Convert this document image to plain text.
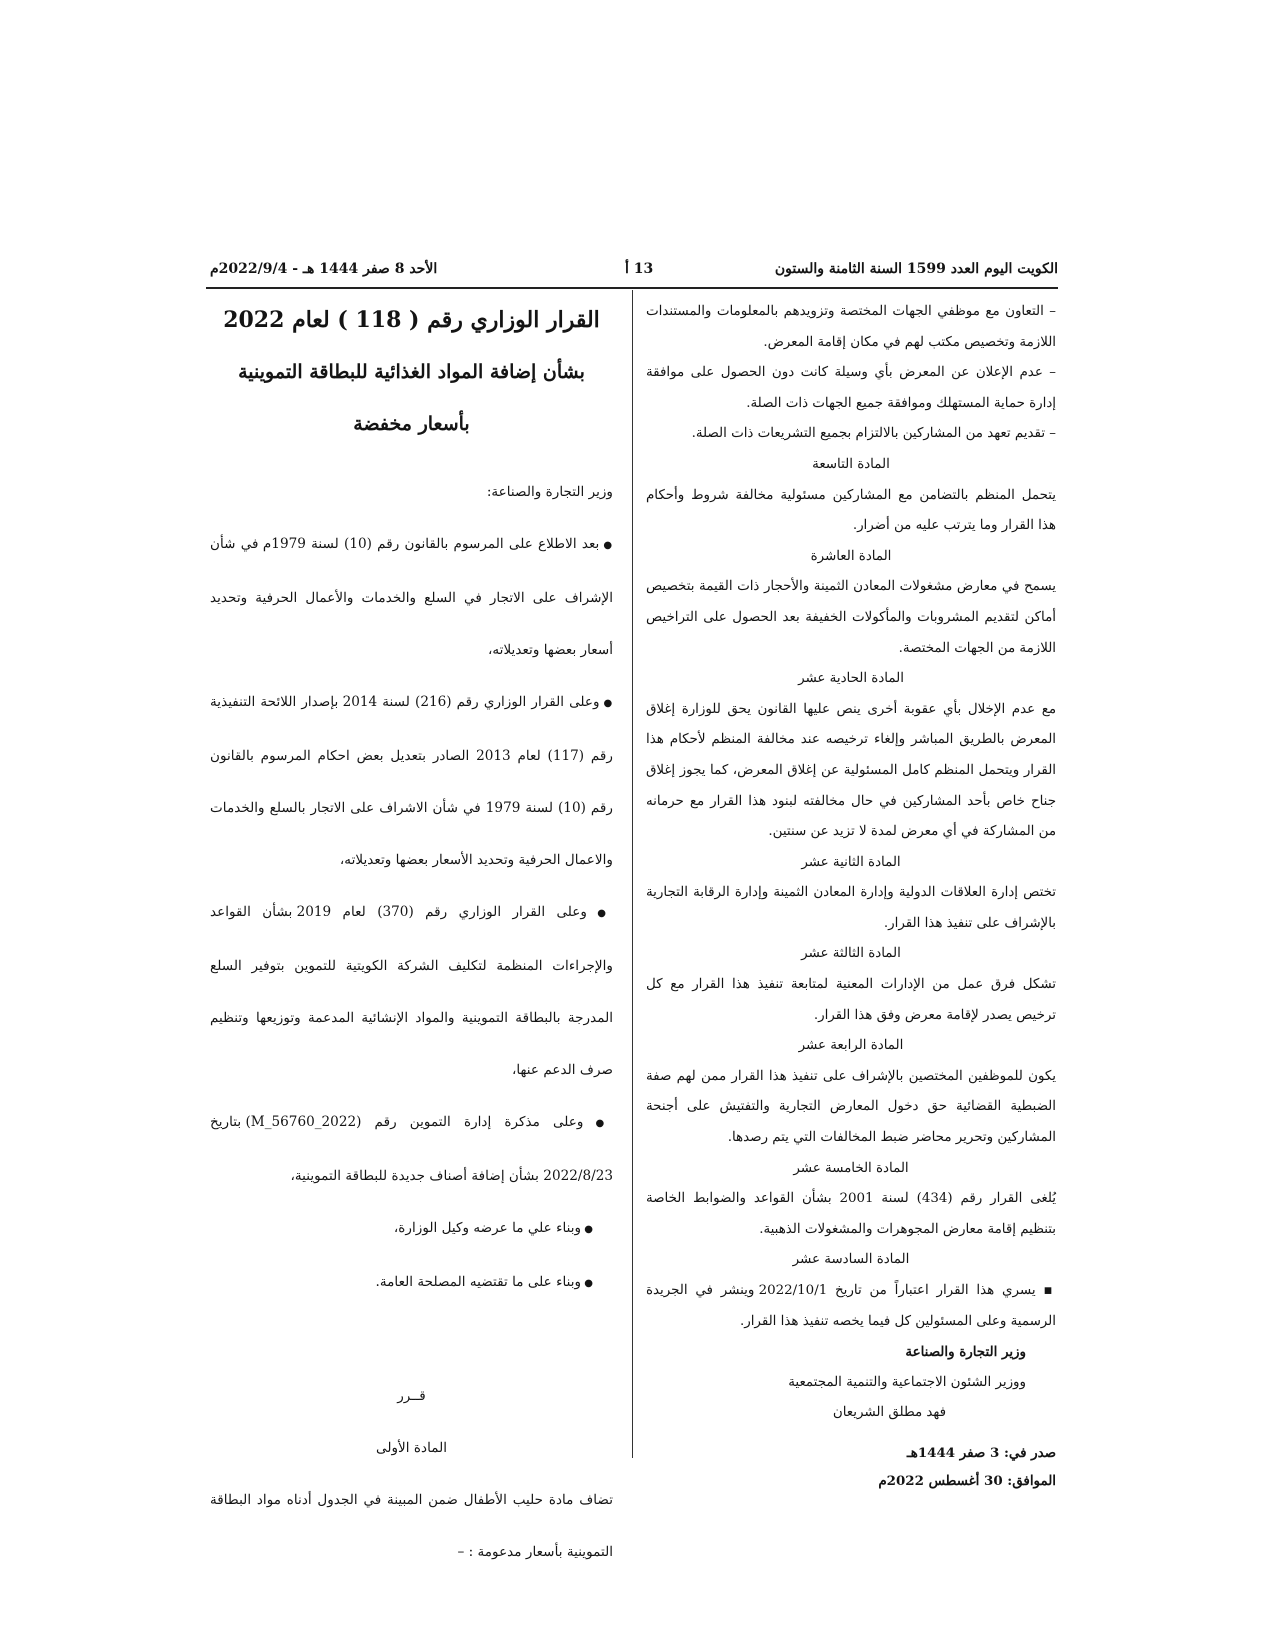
الكويت اليوم العدد 1599 السنة الثامنة والستون
13 أ
الأحد 8 صفر 1444 هـ - 2022/9/4م

– التعاون مع موظفي الجهات المختصة وتزويدهم بالمعلومات والمستندات اللازمة وتخصيص مكتب لهم في مكان إقامة المعرض.

– عدم الإعلان عن المعرض بأي وسيلة كانت دون الحصول على موافقة إدارة حماية المستهلك وموافقة جميع الجهات ذات الصلة.

– تقديم تعهد من المشاركين بالالتزام بجميع التشريعات ذات الصلة.

المادة التاسعة

يتحمل المنظم بالتضامن مع المشاركين مسئولية مخالفة شروط وأحكام هذا القرار وما يترتب عليه من أضرار.

المادة العاشرة

يسمح في معارض مشغولات المعادن الثمينة والأحجار ذات القيمة بتخصيص أماكن لتقديم المشروبات والمأكولات الخفيفة بعد الحصول على التراخيص اللازمة من الجهات المختصة.

المادة الحادية عشر

مع عدم الإخلال بأي عقوبة أخرى ينص عليها القانون يحق للوزارة إغلاق المعرض بالطريق المباشر وإلغاء ترخيصه عند مخالفة المنظم لأحكام هذا القرار ويتحمل المنظم كامل المسئولية عن إغلاق المعرض، كما يجوز إغلاق جناح خاص بأحد المشاركين في حال مخالفته لبنود هذا القرار مع حرمانه من المشاركة في أي معرض لمدة لا تزيد عن سنتين.

المادة الثانية عشر

تختص إدارة العلاقات الدولية وإدارة المعادن الثمينة وإدارة الرقابة التجارية بالإشراف على تنفيذ هذا القرار.

المادة الثالثة عشر

تشكل فرق عمل من الإدارات المعنية لمتابعة تنفيذ هذا القرار مع كل ترخيص يصدر لإقامة معرض وفق هذا القرار.

المادة الرابعة عشر

يكون للموظفين المختصين بالإشراف على تنفيذ هذا القرار ممن لهم صفة الضبطية القضائية حق دخول المعارض التجارية والتفتيش على أجنحة المشاركين وتحرير محاضر ضبط المخالفات التي يتم رصدها.

المادة الخامسة عشر

يُلغى القرار رقم (434) لسنة 2001 بشأن القواعد والضوابط الخاصة بتنظيم إقامة معارض المجوهرات والمشغولات الذهبية.

المادة السادسة عشر

▪ يسري هذا القرار اعتباراً من تاريخ 2022/10/1 وينشر في الجريدة الرسمية وعلى المسئولين كل فيما يخصه تنفيذ هذا القرار.

وزير التجارة والصناعة

ووزير الشئون الاجتماعية والتنمية المجتمعية

فهد مطلق الشريعان

صدر في: 3 صفر 1444هـ

الموافق: 30 أغسطس 2022م

القرار الوزاري رقم ( 118 ) لعام 2022

بشأن إضافة المواد الغذائية للبطاقة التموينية

بأسعار مخفضة

وزير التجارة والصناعة:

● بعد الاطلاع على المرسوم بالقانون رقم (10) لسنة 1979م في شأن الإشراف على الاتجار في السلع والخدمات والأعمال الحرفية وتحديد أسعار بعضها وتعديلاته،

● وعلى القرار الوزاري رقم (216) لسنة 2014 بإصدار اللائحة التنفيذية رقم (117) لعام 2013 الصادر بتعديل بعض احكام المرسوم بالقانون رقم (10) لسنة 1979 في شأن الاشراف على الاتجار بالسلع والخدمات والاعمال الحرفية وتحديد الأسعار بعضها وتعديلاته،

● وعلى القرار الوزاري رقم (370) لعام 2019 بشأن القواعد والإجراءات المنظمة لتكليف الشركة الكويتية للتموين بتوفير السلع المدرجة بالبطاقة التموينية والمواد الإنشائية المدعمة وتوزيعها وتنظيم صرف الدعم عنها،

● وعلى مذكرة إدارة التموين رقم (M_56760_2022) بتاريخ 2022/8/23 بشأن إضافة أصناف جديدة للبطاقة التموينية،

● وبناء علي ما عرضه وكيل الوزارة،

● وبناء على ما تقتضيه المصلحة العامة.

قــرر

المادة الأولى

تضاف مادة حليب الأطفال ضمن المبينة في الجدول أدناه مواد البطاقة التموينية بأسعار مدعومة : –
